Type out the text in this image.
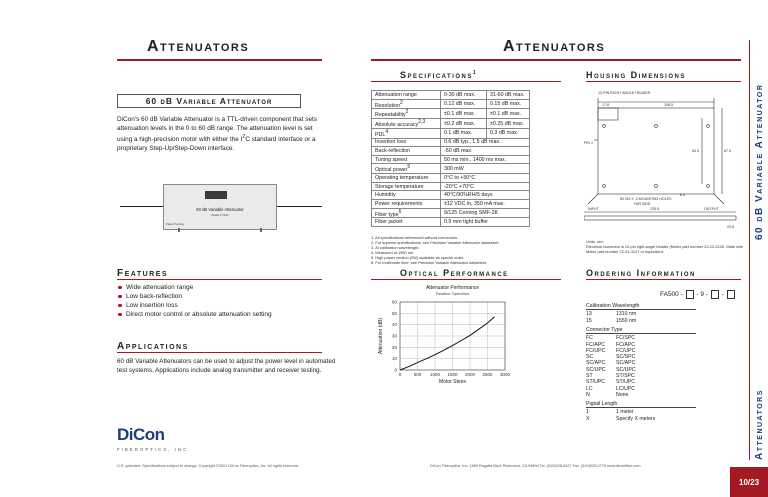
Attenuators
60 dB Variable Attenuator
DiCon’s 60 dB Variable Attenuator is a TTL-driven component that sets attenuation levels in the 0 to 60 dB range. The attenuation level is set using a high-precision motor with either the $I^2C$ standard interface or a proprietary Step-Up/Step-Down interface.
60 dB Variable Attenuator
Model # 1234
Patent Pending
Features
Wide attenuation range
Low back-reflection
Low insertion loss
Direct motor control or absolute attenuation setting
Applications
60 dB Variable Attenuators can be used to adjust the power level in automated test systems. Applications include analog transmitter and receiver testing.
DiCon
FIBEROPTICS, INC
U.S. patented. Specifications subject to change. Copyright ©2001 DiCon Fiberoptics, Inc. All rights reserved.
Attenuators
Specifications$^1$
Attenuation range	0-30 dB max.	31-60 dB max.
Resolution2	0.12 dB max.	0.15 dB max.
Repeatability2	±0.1 dB max.	±0.1 dB max.
Absolute accuracy2,3	±0.2 dB max.	±0.25 dB max.
PDL4	0.1 dB max.	0.3 dB max.
Insertion loss	0.6 dB typ., 1.5 dB max.	
Back-reflection	-50 dB max.	
Tuning speed	50 ms min., 1400 ms max.	
Optical power5	300 mW	
Operating temperature	0°C to +50°C	
Storage temperature	-20°C +70°C	
Humidity	40°C/90%RH/5 days	
Power requirements	±12 VDC in, 350 mA max.	
Fiber type6	9/125 Corning SMF-28	
Fiber jacket	0.9 mm tight buffer	
1. All specifications referenced without connectors.
2. For superior specifications, see Precision Variable Attenuator datasheet.
3. At calibration wavelength.
4. Measured at 1550 nm.
5. High power version (2W) available as special order.
6. For multimode fiber, see Precision Variable Attenuator datasheet.
Housing Dimensions
12-PIN RIGHT ANGLE HEADER
17.8	106.5
PIN 1
54.0	67.0
6.5
6X M3 X .5 MOUNTING HOLES
FAR SIDE
INPUT	OUTPUT
135.5
20.8
Units: mm
Electrical connector is 12-pin right-angle header (Molex part number 22-12-2126. Mate with Molex part number 22-01-3127 or equivalent.
Optical Performance
Attenuator Performance
Relative Operation
0
10
20
30
40
50
60
0	500 1000 1500 2000 2500 3000
Motor Steps
Attenuation (dB)
Ordering Information
FA500 - - 9 - -
Calibration Wavelength
13	1310 nm
15	1550 nm
Connector Type
FC	FC/SPC
FC/APC	FC/APC
FC/UPC	FC/UPC
SC	SC/SPC
SC/APC	SC/APC
SC/UPC	SC/UPC
ST	ST/SPC
ST/UPC	ST/UPC
LC	LC/UPC
N	None
Pigtail Length
1	1 meter
X	Specify X meters
60 dB Variable Attenuator
Attenuators
DiCon Fiberoptics, Inc. 1689 Regatta Blvd. Richmond, CA 94804 Tel. (510)528-0427 Fax. (510)525-0776 www.diconfiber.com
10/23
